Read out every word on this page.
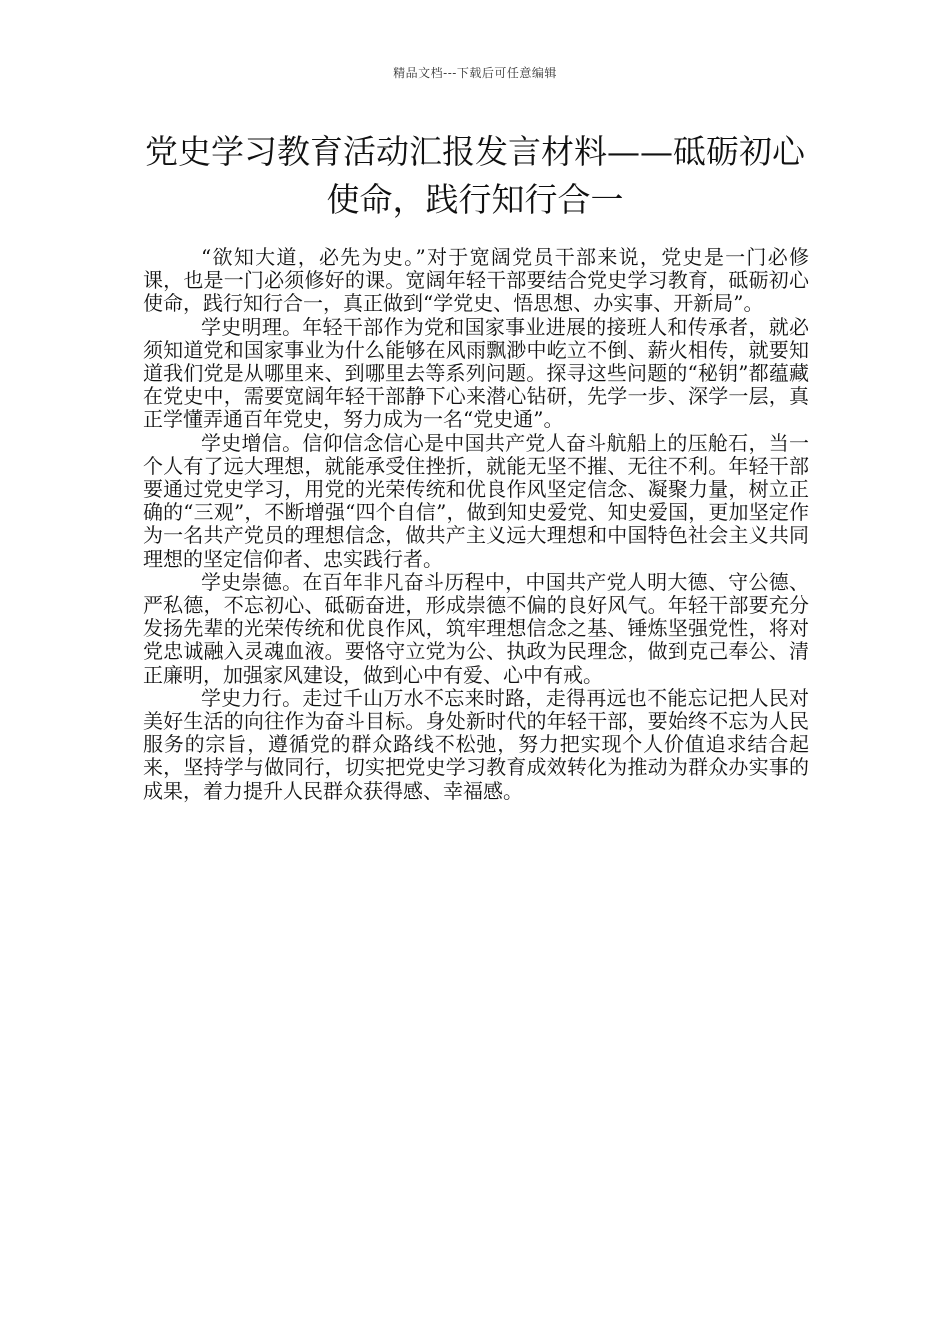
精品文档---下载后可任意编辑
党史学习教育活动汇报发言材料——砥砺初心使命，践行知行合一

“欲知大道，必先为史。”对于宽阔党员干部来说，党史是一门必修课，也是一门必须修好的课。宽阔年轻干部要结合党史学习教育，砥砺初心使命，践行知行合一，真正做到“学党史、悟思想、办实事、开新局”。

学史明理。年轻干部作为党和国家事业进展的接班人和传承者，就必须知道党和国家事业为什么能够在风雨飘渺中屹立不倒、薪火相传，就要知道我们党是从哪里来、到哪里去等系列问题。探寻这些问题的“秘钥”都蕴藏在党史中，需要宽阔年轻干部静下心来潜心钻研，先学一步、深学一层，真正学懂弄通百年党史，努力成为一名“党史通”。

学史增信。信仰信念信心是中国共产党人奋斗航船上的压舱石，当一个人有了远大理想，就能承受住挫折，就能无坚不摧、无往不利。年轻干部要通过党史学习，用党的光荣传统和优良作风坚定信念、凝聚力量，树立正确的“三观”，不断增强“四个自信”，做到知史爱党、知史爱国，更加坚定作为一名共产党员的理想信念，做共产主义远大理想和中国特色社会主义共同理想的坚定信仰者、忠实践行者。

学史崇德。在百年非凡奋斗历程中，中国共产党人明大德、守公德、严私德，不忘初心、砥砺奋进，形成崇德不偏的良好风气。年轻干部要充分发扬先辈的光荣传统和优良作风，筑牢理想信念之基、锤炼坚强党性，将对党忠诚融入灵魂血液。要恪守立党为公、执政为民理念，做到克己奉公、清正廉明，加强家风建设，做到心中有爱、心中有戒。

学史力行。走过千山万水不忘来时路，走得再远也不能忘记把人民对美好生活的向往作为奋斗目标。身处新时代的年轻干部，要始终不忘为人民服务的宗旨，遵循党的群众路线不松弛，努力把实现个人价值追求结合起来，坚持学与做同行，切实把党史学习教育成效转化为推动为群众办实事的成果，着力提升人民群众获得感、幸福感。
